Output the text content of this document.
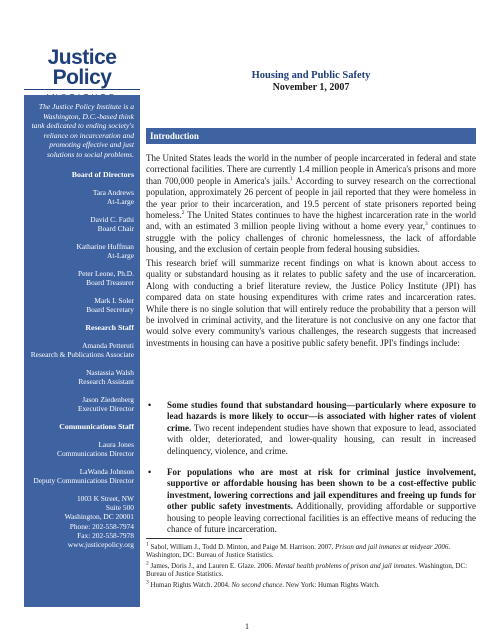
Justice Policy
The Justice Policy Institute is a Washington, D.C.-based think tank dedicated to ending society's reliance on incarceration and promoting effective and just solutions to social problems.
Board of Directors
Tara Andrews
At-Large
David C. Fathi
Board Chair
Katharine Huffman
At-Large
Peter Leone, Ph.D.
Board Treasurer
Mark I. Soler
Board Secretary
Research Staff
Amanda Petteruti
Research & Publications Associate
Nastassia Walsh
Research Assistant
Jason Ziedenberg
Executive Director
Communications Staff
Laura Jones
Communications Director
LaWanda Johnson
Deputy Communications Director
1003 K Street, NW
Suite 500
Washington, DC 20001
Phone: 202-558-7974
Fax: 202-558-7978
www.justicepolicy.org
Housing and Public Safety
November 1, 2007
Introduction
The United States leads the world in the number of people incarcerated in federal and state correctional facilities. There are currently 1.4 million people in America's prisons and more than 700,000 people in America's jails.$^1$ According to survey research on the correctional population, approximately 26 percent of people in jail reported that they were homeless in the year prior to their incarceration, and 19.5 percent of state prisoners reported being homeless.$^2$ The United States continues to have the highest incarceration rate in the world and, with an estimated 3 million people living without a home every year,$^3$ continues to struggle with the policy challenges of chronic homelessness, the lack of affordable housing, and the exclusion of certain people from federal housing subsidies.
This research brief will summarize recent findings on what is known about access to quality or substandard housing as it relates to public safety and the use of incarceration. Along with conducting a brief literature review, the Justice Policy Institute (JPI) has compared data on state housing expenditures with crime rates and incarceration rates. While there is no single solution that will entirely reduce the probability that a person will be involved in criminal activity, and the literature is not conclusive on any one factor that would solve every community's various challenges, the research suggests that increased investments in housing can have a positive public safety benefit. JPI's findings include:
• Some studies found that substandard housing—particularly where exposure to lead hazards is more likely to occur—is associated with higher rates of violent crime. Two recent independent studies have shown that exposure to lead, associated with older, deteriorated, and lower-quality housing, can result in increased delinquency, violence, and crime.
• For populations who are most at risk for criminal justice involvement, supportive or affordable housing has been shown to be a cost-effective public investment, lowering corrections and jail expenditures and freeing up funds for other public safety investments. Additionally, providing affordable or supportive housing to people leaving correctional facilities is an effective means of reducing the chance of future incarceration.
$^1$ Sabol, William J., Todd D. Minton, and Paige M. Harrison. 2007. Prison and jail inmates at midyear 2006. Washington, DC: Bureau of Justice Statistics.
$^2$ James, Doris J., and Lauren E. Glaze. 2006. Mental health problems of prison and jail inmates. Washington, DC: Bureau of Justice Statistics.
$^3$ Human Rights Watch. 2004. No second chance. New York: Human Rights Watch.
1
